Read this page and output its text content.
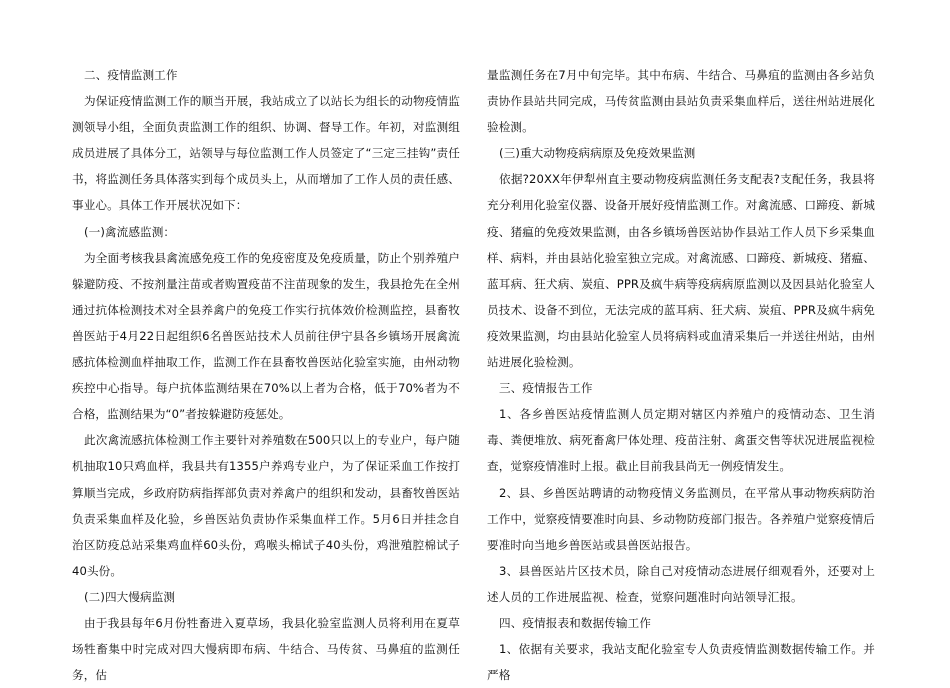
二、疫情监测工作

为保证疫情监测工作的顺当开展，我站成立了以站长为组长的动物疫情监测领导小组，全面负责监测工作的组织、协调、督导工作。年初，对监测组成员进展了具体分工，站领导与每位监测工作人员签定了“三定三挂钩”责任书，将监测任务具体落实到每个成员头上，从而增加了工作人员的责任感、事业心。具体工作开展状况如下：

(一)禽流感监测：

为全面考核我县禽流感免疫工作的免疫密度及免疫质量，防止个别养殖户躲避防疫、不按剂量注苗或者购置疫苗不注苗现象的发生，我县抢先在全州通过抗体检测技术对全县养禽户的免疫工作实行抗体效价检测监控，县畜牧兽医站于4月22日起组织6名兽医站技术人员前往伊宁县各乡镇场开展禽流感抗体检测血样抽取工作，监测工作在县畜牧兽医站化验室实施，由州动物疾控中心指导。每户抗体监测结果在70%以上者为合格，低于70%者为不合格，监测结果为“0”者按躲避防疫惩处。

此次禽流感抗体检测工作主要针对养殖数在500只以上的专业户，每户随机抽取10只鸡血样，我县共有1355户养鸡专业户，为了保证采血工作按打算顺当完成，乡政府防病指挥部负责对养禽户的组织和发动，县畜牧兽医站负责采集血样及化验，乡兽医站负责协作采集血样工作。5月6日并挂念自治区防疫总站采集鸡血样60头份，鸡喉头棉试子40头份，鸡泄殖腔棉试子40头份。

(二)四大慢病监测

由于我县每年6月份牲畜进入夏草场，我县化验室监测人员将利用在夏草场牲畜集中时完成对四大慢病即布病、牛结合、马传贫、马鼻疽的监测任务，估

量监测任务在7月中旬完毕。其中布病、牛结合、马鼻疽的监测由各乡站负责协作县站共同完成，马传贫监测由县站负责采集血样后，送往州站进展化验检测。

(三)重大动物疫病病原及免疫效果监测

依据?20XX年伊犁州直主要动物疫病监测任务支配表?支配任务，我县将充分利用化验室仪器、设备开展好疫情监测工作。对禽流感、口蹄疫、新城疫、猪瘟的免疫效果监测，由各乡镇场兽医站协作县站工作人员下乡采集血样、病料，并由县站化验室独立完成。对禽流感、口蹄疫、新城疫、猪瘟、蓝耳病、狂犬病、炭疽、PPR及疯牛病等疫病病原监测以及因县站化验室人员技术、设备不到位，无法完成的蓝耳病、狂犬病、炭疽、PPR及疯牛病免疫效果监测，均由县站化验室人员将病料或血清采集后一并送往州站，由州站进展化验检测。

三、疫情报告工作

1、各乡兽医站疫情监测人员定期对辖区内养殖户的疫情动态、卫生消毒、粪便堆放、病死畜禽尸体处理、疫苗注射、禽蛋交售等状况进展监视检查，觉察疫情准时上报。截止目前我县尚无一例疫情发生。

2、县、乡兽医站聘请的动物疫情义务监测员，在平常从事动物疾病防治工作中，觉察疫情要准时向县、乡动物防疫部门报告。各养殖户觉察疫情后要准时向当地乡兽医站或县兽医站报告。

3、县兽医站片区技术员，除自己对疫情动态进展仔细观看外，还要对上述人员的工作进展监视、检查，觉察问题准时向站领导汇报。

四、疫情报表和数据传输工作

1、依据有关要求，我站支配化验室专人负责疫情监测数据传输工作。并严格
